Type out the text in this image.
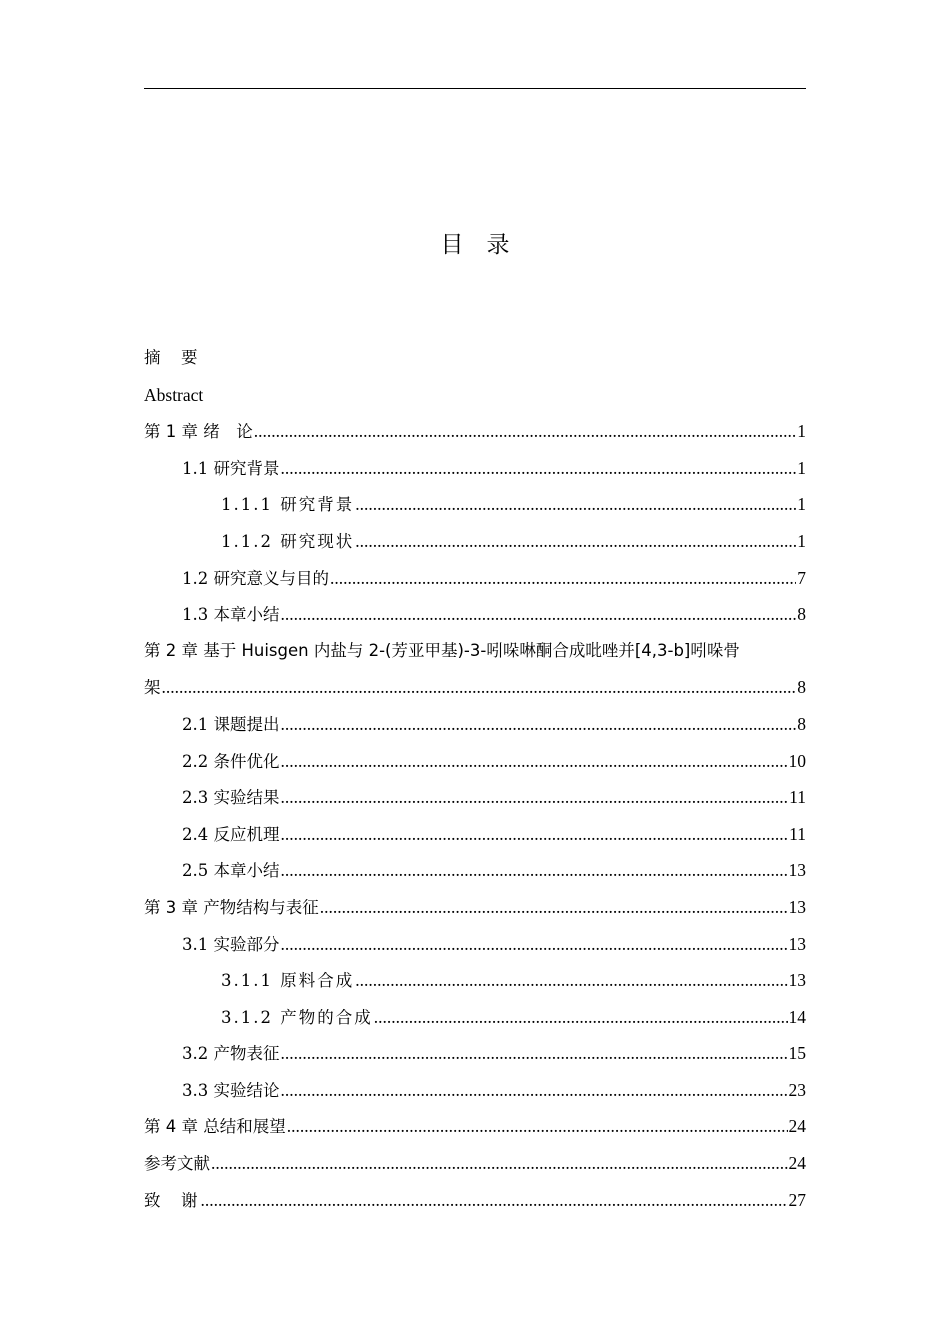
目　录
摘　要
Abstract
第 1 章 绪　论 .....	1
1.1 研究背景 .....	1
1.1.1 研究背景 .....	1
1.1.2 研究现状 .....	1
1.2 研究意义与目的 .....	7
1.3 本章小结 .....	8
第 2 章 基于 Huisgen 内盐与 2-(芳亚甲基)-3-吲哚啉酮合成吡唑并[4,3-b]吲哚骨
架 .....	8
2.1 课题提出 .....	8
2.2 条件优化 .....	10
2.3 实验结果 .....	11
2.4 反应机理 .....	11
2.5 本章小结 .....	13
第 3 章 产物结构与表征 .....	13
3.1 实验部分 .....	13
3.1.1 原料合成 .....	13
3.1.2 产物的合成 .....	14
3.2 产物表征 .....	15
3.3 实验结论 .....	23
第 4 章 总结和展望 .....	24
参考文献 .....	24
致　谢 .....	27
